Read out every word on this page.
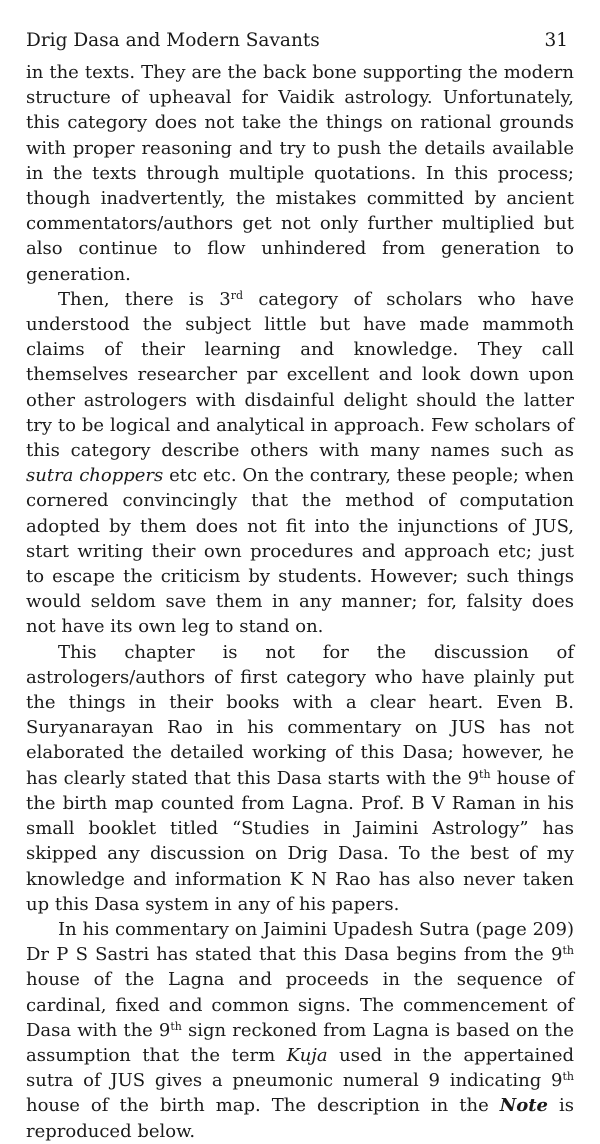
Drig Dasa and Modern Savants	31

in the texts. They are the back bone supporting the modern structure of upheaval for Vaidik astrology. Unfortunately, this category does not take the things on rational grounds with proper reasoning and try to push the details available in the texts through multiple quotations. In this process; though inadvertently, the mistakes committed by ancient commentators/authors get not only further multiplied but also continue to flow unhindered from generation to generation.

Then, there is 3rd category of scholars who have understood the subject little but have made mammoth claims of their learning and knowledge. They call themselves researcher par excellent and look down upon other astrologers with disdainful delight should the latter try to be logical and analytical in approach. Few scholars of this category describe others with many names such as sutra choppers etc etc. On the contrary, these people; when cornered convincingly that the method of computation adopted by them does not fit into the injunctions of JUS, start writing their own procedures and approach etc; just to escape the criticism by students. However; such things would seldom save them in any manner; for, falsity does not have its own leg to stand on.

This chapter is not for the discussion of astrologers/authors of first category who have plainly put the things in their books with a clear heart. Even B. Suryanarayan Rao in his commentary on JUS has not elaborated the detailed working of this Dasa; however, he has clearly stated that this Dasa starts with the 9th house of the birth map counted from Lagna. Prof. B V Raman in his small booklet titled “Studies in Jaimini Astrology” has skipped any discussion on Drig Dasa. To the best of my knowledge and information K N Rao has also never taken up this Dasa system in any of his papers.

In his commentary on Jaimini Upadesh Sutra (page 209) Dr P S Sastri has stated that this Dasa begins from the 9th house of the Lagna and proceeds in the sequence of cardinal, fixed and common signs. The commencement of Dasa with the 9th sign reckoned from Lagna is based on the assumption that the term Kuja used in the appertained sutra of JUS gives a pneumonic numeral 9 indicating 9th house of the birth map. The description in the Note is reproduced below.
